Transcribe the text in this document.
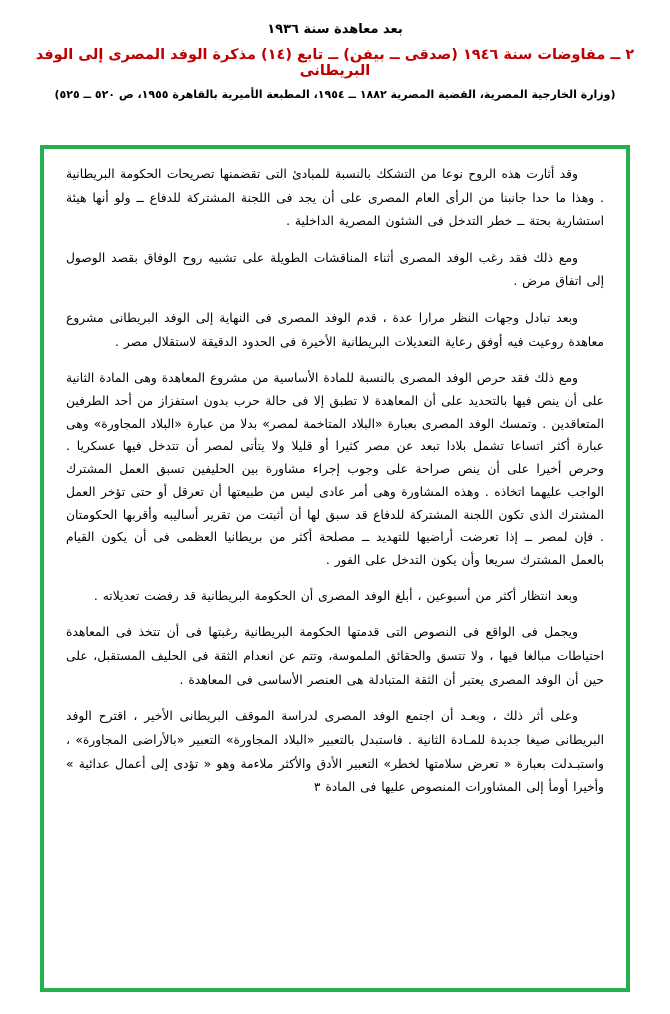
بعد معاهدة سنة ١٩٣٦
٢ ــ مفاوضات سنة ١٩٤٦ (صدقى ــ بيفن) ــ تابع (١٤) مذكرة الوفد المصرى إلى الوفد البريطانى
(وزارة الخارجية المصرية، القضية المصرية ١٨٨٢ ــ ١٩٥٤، المطبعة الأميرية بالقاهرة ١٩٥٥، ص ٥٢٠ ــ ٥٢٥)

وقد أثارت هذه الروح نوعا من التشكك بالنسبة للمبادئ التى تقضمنها تصريحات الحكومة البريطانية . وهذا ما حدا جانبنا من الرأى العام المصرى على أن يجد فى اللجنة المشتركة للدفاع ــ ولو أنها هيئة استشارية بحتة ــ خطر التدخل فى الشئون المصرية الداخلية .

ومع ذلك فقد رغب الوفد المصرى أثناء المناقشات الطويلة على تشبيه روح الوفاق بقصد الوصول إلى اتفاق مرض .

وبعد تبادل وجهات النظر مرارا عدة ، قدم الوفد المصرى فى النهاية إلى الوفد البريطانى مشروع معاهدة روعيت فيه أوفق رعاية التعديلات البريطانية الأخيرة فى الحدود الدقيقة لاستقلال مصر .

ومع ذلك فقد حرص الوفد المصرى بالنسبة للمادة الأساسية من مشروع المعاهدة وهى المادة الثانية على أن ينص فيها بالتحديد على أن المعاهدة لا تطبق إلا فى حالة حرب بدون استفزاز من أحد الطرفين المتعاقدين . وتمسك الوفد المصرى بعبارة «البلاد المتاخمة لمصر» بدلا من عبارة «البلاد المجاورة» وهى عبارة أكثر اتساعا تشمل بلادا تبعد عن مصر كثيرا أو قليلا ولا يتأتى لمصر أن تتدخل فيها عسكريا . وحرص أخيرا على أن ينص صراحة على وجوب إجراء مشاورة بين الحليفين تسبق العمل المشترك الواجب عليهما اتخاذه . وهذه المشاورة وهى أمر عادى ليس من طبيعتها أن تعرقل أو حتى تؤخر العمل المشترك الذى تكون اللجنة المشتركة للدفاع قد سبق لها أن أثبتت من تقرير أساليبه وأقربها الحكومتان . فإن لمصر ــ إذا تعرضت أراضيها للتهديد ــ مصلحة أكثر من بريطانيا العظمى فى أن يكون القيام بالعمل المشترك سريعا وأن يكون التدخل على الفور .

وبعد انتظار أكثر من أسبوعين ، أبلغ الوفد المصرى أن الحكومة البريطانية قد رفضت تعديلاته .

ويجمل فى الواقع فى النصوص التى قدمتها الحكومة البريطانية رغبتها فى أن تتخذ فى المعاهدة احتياطات مبالغا فيها ، ولا تتسق والحقائق الملموسة، وتتم عن انعدام الثقة فى الحليف المستقبل، على حين أن الوفد المصرى يعتبر أن الثقة المتبادلة هى العنصر الأساسى فى المعاهدة .

وعلى أثر ذلك ، وبعـد أن اجتمع الوفد المصرى لدراسة الموقف البريطانى الأخير ، اقترح الوفد البريطانى صيغا جديدة للمـادة الثانية . فاستبدل بالتعبير «البلاد المجاورة» التعبير «بالأراضى المجاورة» ، واستبـدلت بعبارة « تعرض سلامتها لخطر» التعبير الأدق والأكثر ملاءمة وهو « تؤدى إلى أعمال عدائية » وأخيرا أومأ إلى المشاورات المنصوص عليها فى المادة ٣
